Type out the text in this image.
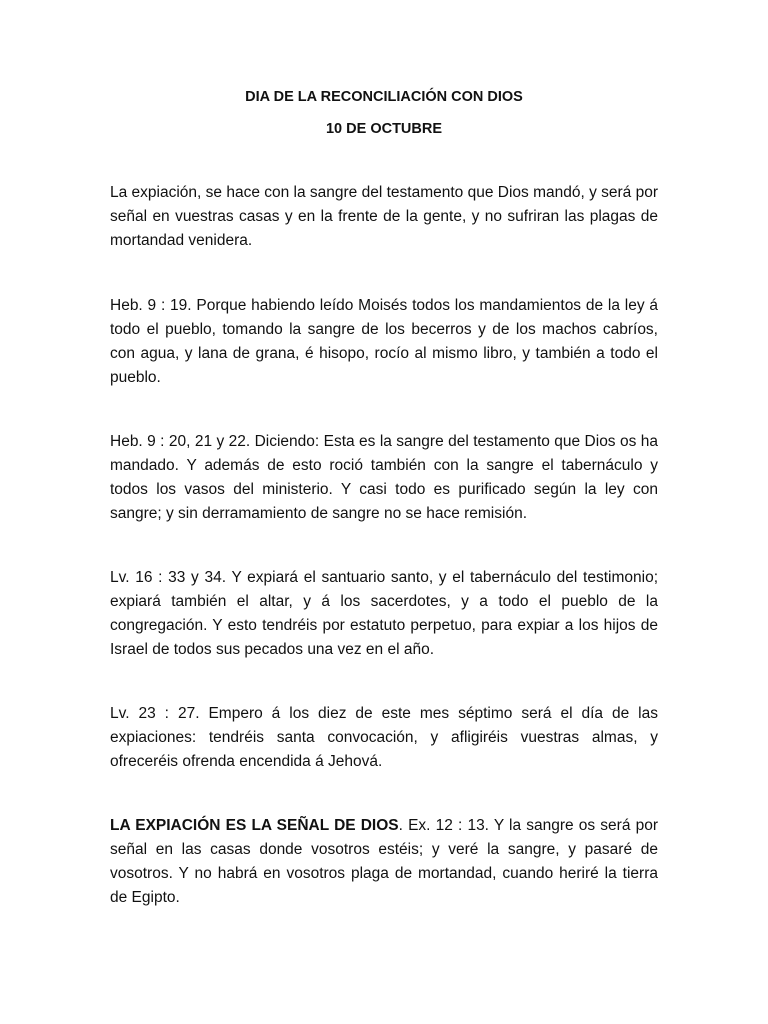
DIA DE LA RECONCILIACIÓN CON DIOS
10 DE OCTUBRE

La expiación, se hace con la sangre del testamento que Dios mandó, y será por señal en vuestras casas y en la frente de la gente, y no sufriran las plagas de mortandad venidera.

Heb. 9 : 19. Porque habiendo leído Moisés todos los mandamientos de la ley á todo el pueblo, tomando la sangre de los becerros y de los machos cabríos, con agua, y lana de grana, é hisopo, rocío al mismo libro, y también a todo el pueblo.

Heb. 9 : 20, 21 y 22. Diciendo: Esta es la sangre del testamento que Dios os ha mandado. Y además de esto roció también con la sangre el tabernáculo y todos los vasos del ministerio. Y casi todo es purificado según la ley con sangre; y sin derramamiento de sangre no se hace remisión.

Lv. 16 : 33 y 34. Y expiará el santuario santo, y el tabernáculo del testimonio; expiará también el altar, y á los sacerdotes, y a todo el pueblo de la congregación. Y esto tendréis por estatuto perpetuo, para expiar a los hijos de Israel de todos sus pecados una vez en el año.

Lv. 23 : 27. Empero á los diez de este mes séptimo será el día de las expiaciones: tendréis santa convocación, y afligiréis vuestras almas, y ofreceréis ofrenda encendida á Jehová.

LA EXPIACIÓN ES LA SEÑAL DE DIOS. Ex. 12 : 13. Y la sangre os será por señal en las casas donde vosotros estéis; y veré la sangre, y pasaré de vosotros. Y no habrá en vosotros plaga de mortandad, cuando heriré la tierra de Egipto.
